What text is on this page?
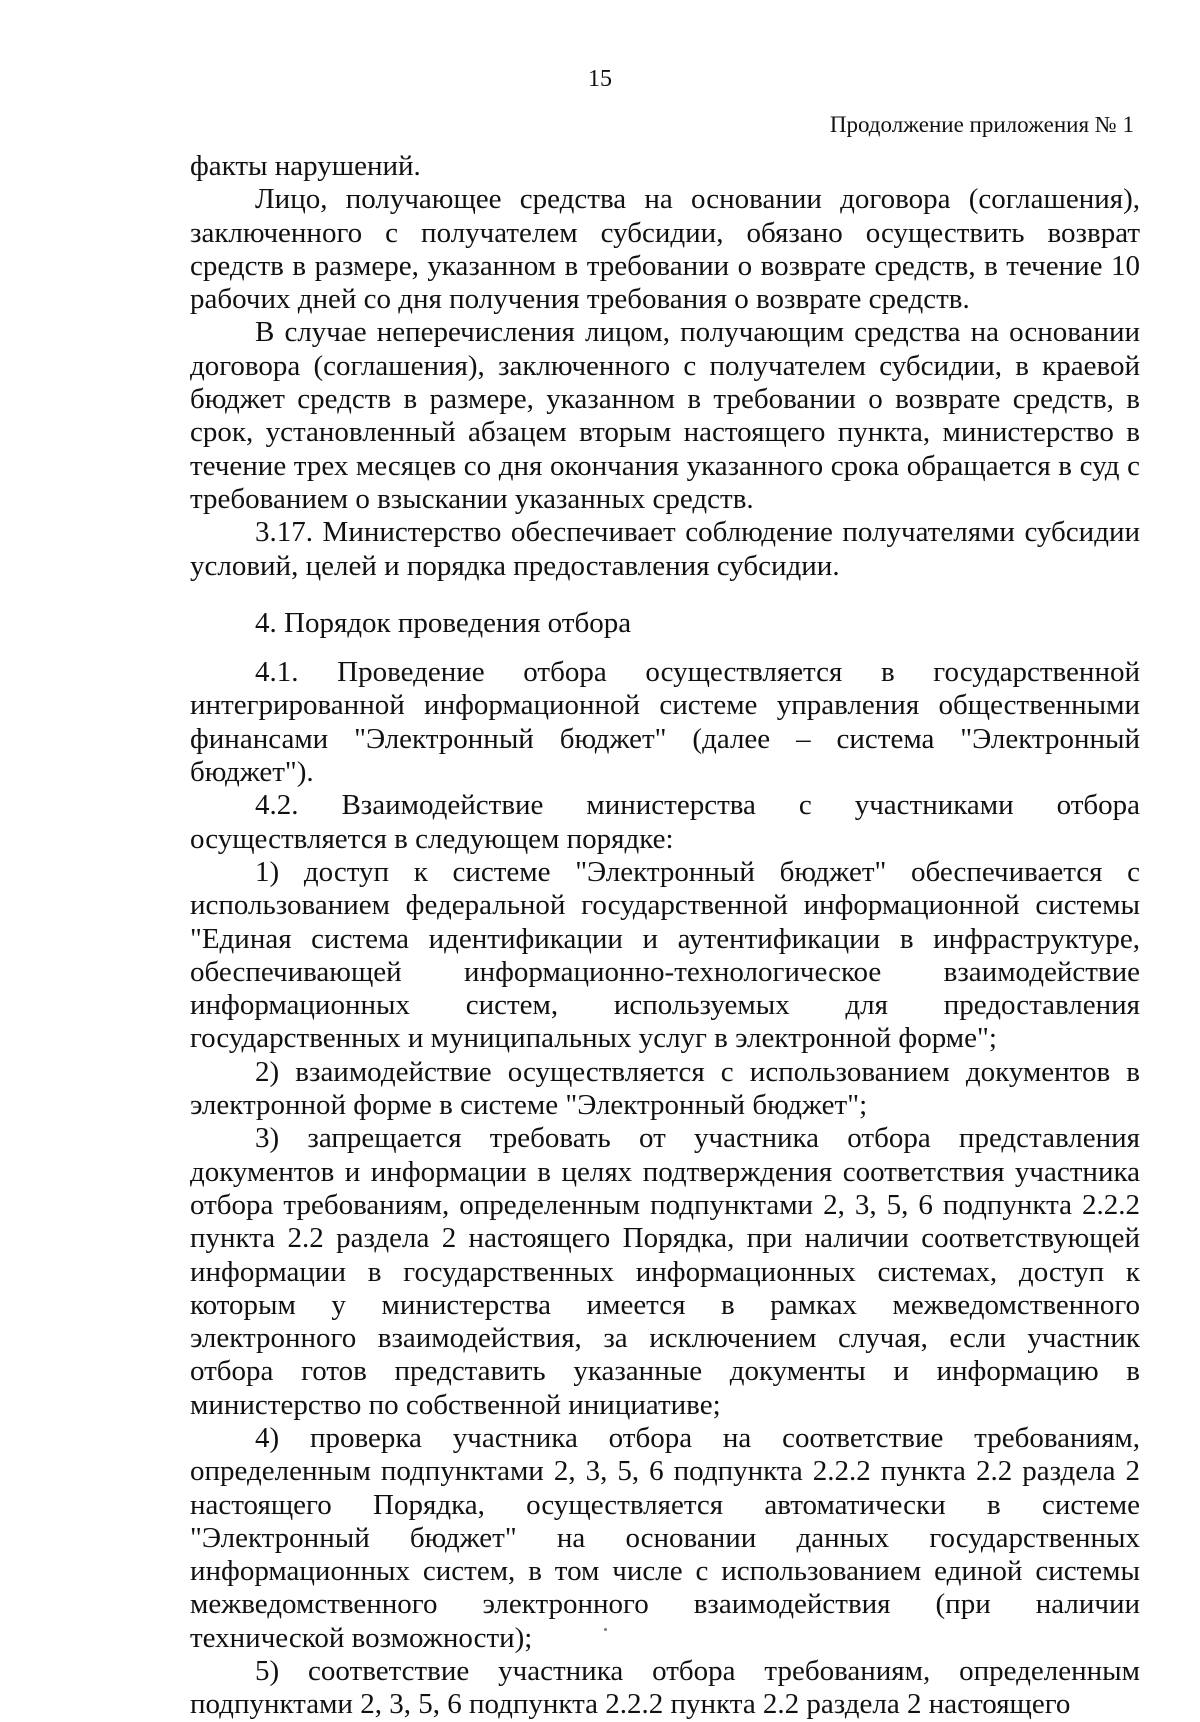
15
Продолжение приложения № 1

факты нарушений.

Лицо, получающее средства на основании договора (соглашения), заключенного с получателем субсидии, обязано осуществить возврат средств в размере, указанном в требовании о возврате средств, в течение 10 рабочих дней со дня получения требования о возврате средств.

В случае неперечисления лицом, получающим средства на основании договора (соглашения), заключенного с получателем субсидии, в краевой бюджет средств в размере, указанном в требовании о возврате средств, в срок, установленный абзацем вторым настоящего пункта, министерство в течение трех месяцев со дня окончания указанного срока обращается в суд с требованием о взыскании указанных средств.

3.17. Министерство обеспечивает соблюдение получателями субсидии условий, целей и порядка предоставления субсидии.

4. Порядок проведения отбора

4.1. Проведение отбора осуществляется в государственной интегрированной информационной системе управления общественными финансами "Электронный бюджет" (далее – система "Электронный бюджет").

4.2. Взаимодействие министерства с участниками отбора осуществляется в следующем порядке:

1) доступ к системе "Электронный бюджет" обеспечивается с использованием федеральной государственной информационной системы "Единая система идентификации и аутентификации в инфраструктуре, обеспечивающей информационно-технологическое взаимодействие информационных систем, используемых для предоставления государственных и муниципальных услуг в электронной форме";

2) взаимодействие осуществляется с использованием документов в электронной форме в системе "Электронный бюджет";

3) запрещается требовать от участника отбора представления документов и информации в целях подтверждения соответствия участника отбора требованиям, определенным подпунктами 2, 3, 5, 6 подпункта 2.2.2 пункта 2.2 раздела 2 настоящего Порядка, при наличии соответствующей информации в государственных информационных системах, доступ к которым у министерства имеется в рамках межведомственного электронного взаимодействия, за исключением случая, если участник отбора готов представить указанные документы и информацию в министерство по собственной инициативе;

4) проверка участника отбора на соответствие требованиям, определенным подпунктами 2, 3, 5, 6 подпункта 2.2.2 пункта 2.2 раздела 2 настоящего Порядка, осуществляется автоматически в системе "Электронный бюджет" на основании данных государственных информационных систем, в том числе с использованием единой системы межведомственного электронного взаимодействия (при наличии технической возможности);

5) соответствие участника отбора требованиям, определенным подпунктами 2, 3, 5, 6 подпункта 2.2.2 пункта 2.2 раздела 2 настоящего
